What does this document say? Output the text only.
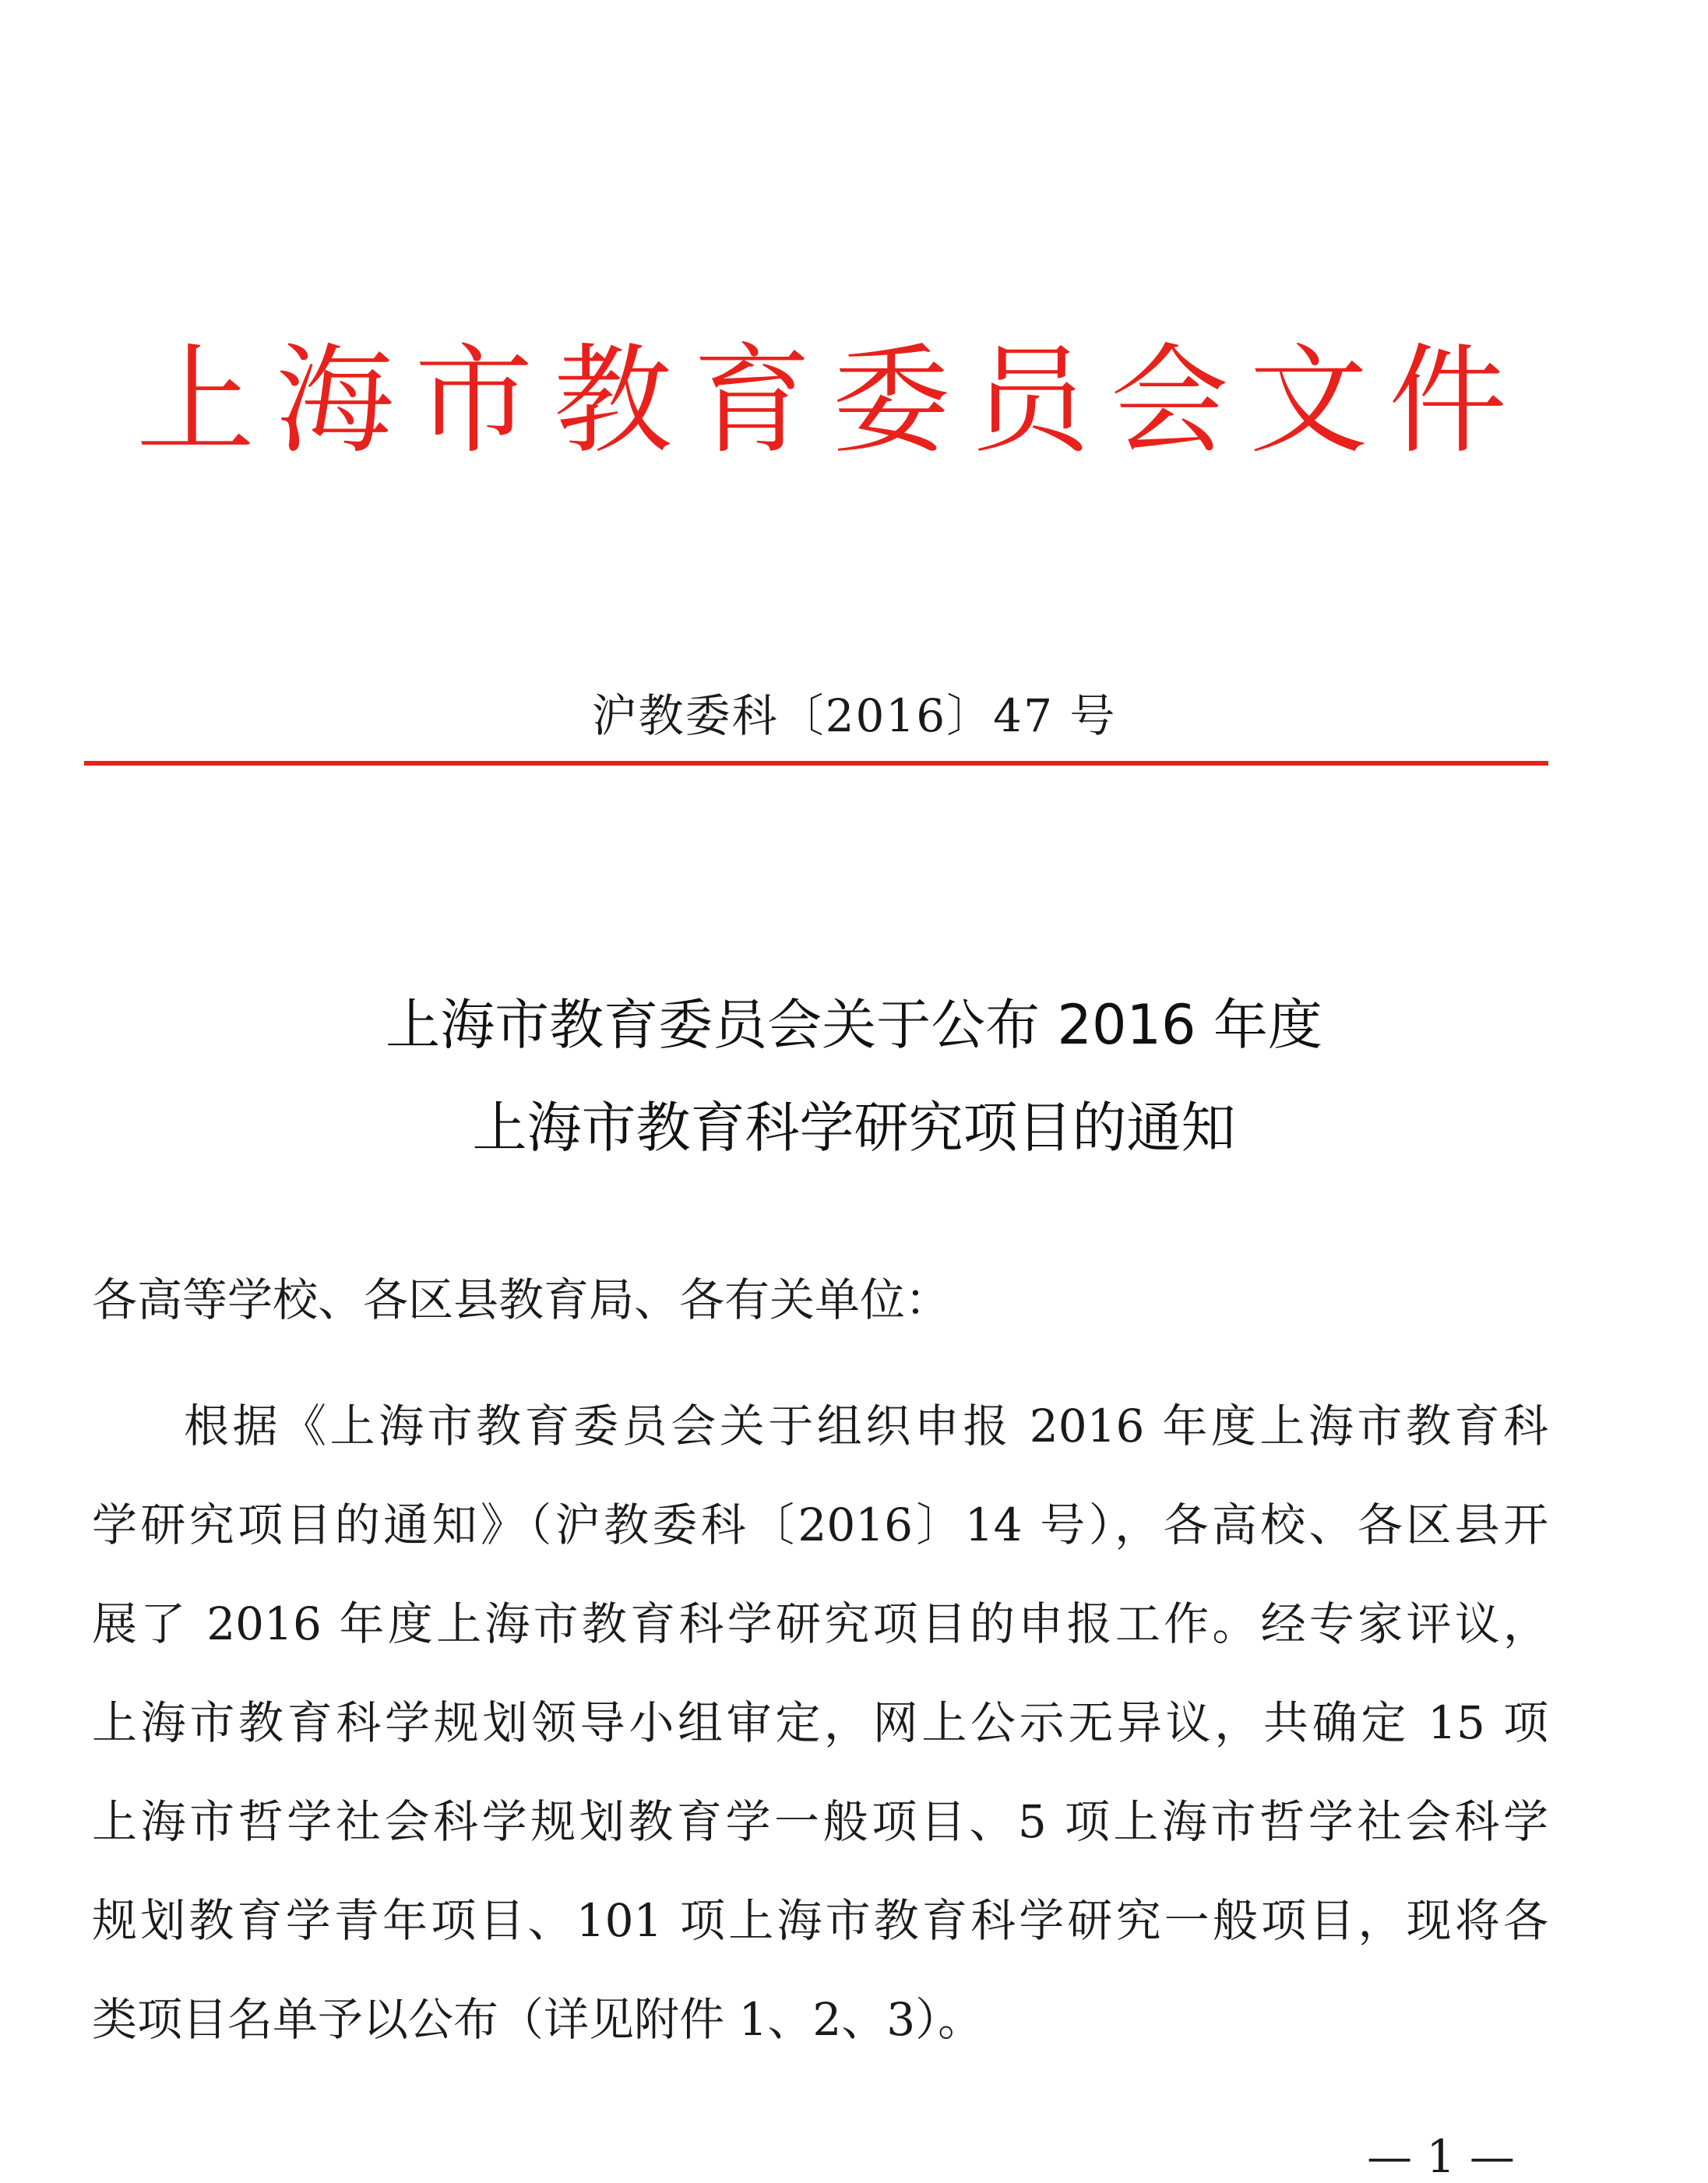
上 海 市 教 育 委 员 会 文 件
沪教委科〔2016〕47 号
上海市教育委员会关于公布 2016 年度
上海市教育科学研究项目的通知
各高等学校、各区县教育局、各有关单位：
根据《上海市教育委员会关于组织申报 2016 年度上海市教育科
学研究项目的通知》（沪教委科〔2016〕14 号），各高校、各区县开
展了 2016 年度上海市教育科学研究项目的申报工作。经专家评议，
上海市教育科学规划领导小组审定，网上公示无异议，共确定 15 项
上海市哲学社会科学规划教育学一般项目、5 项上海市哲学社会科学
规划教育学青年项目、101 项上海市教育科学研究一般项目，现将各
类项目名单予以公布（详见附件 1、2、3）。
— 1 —
